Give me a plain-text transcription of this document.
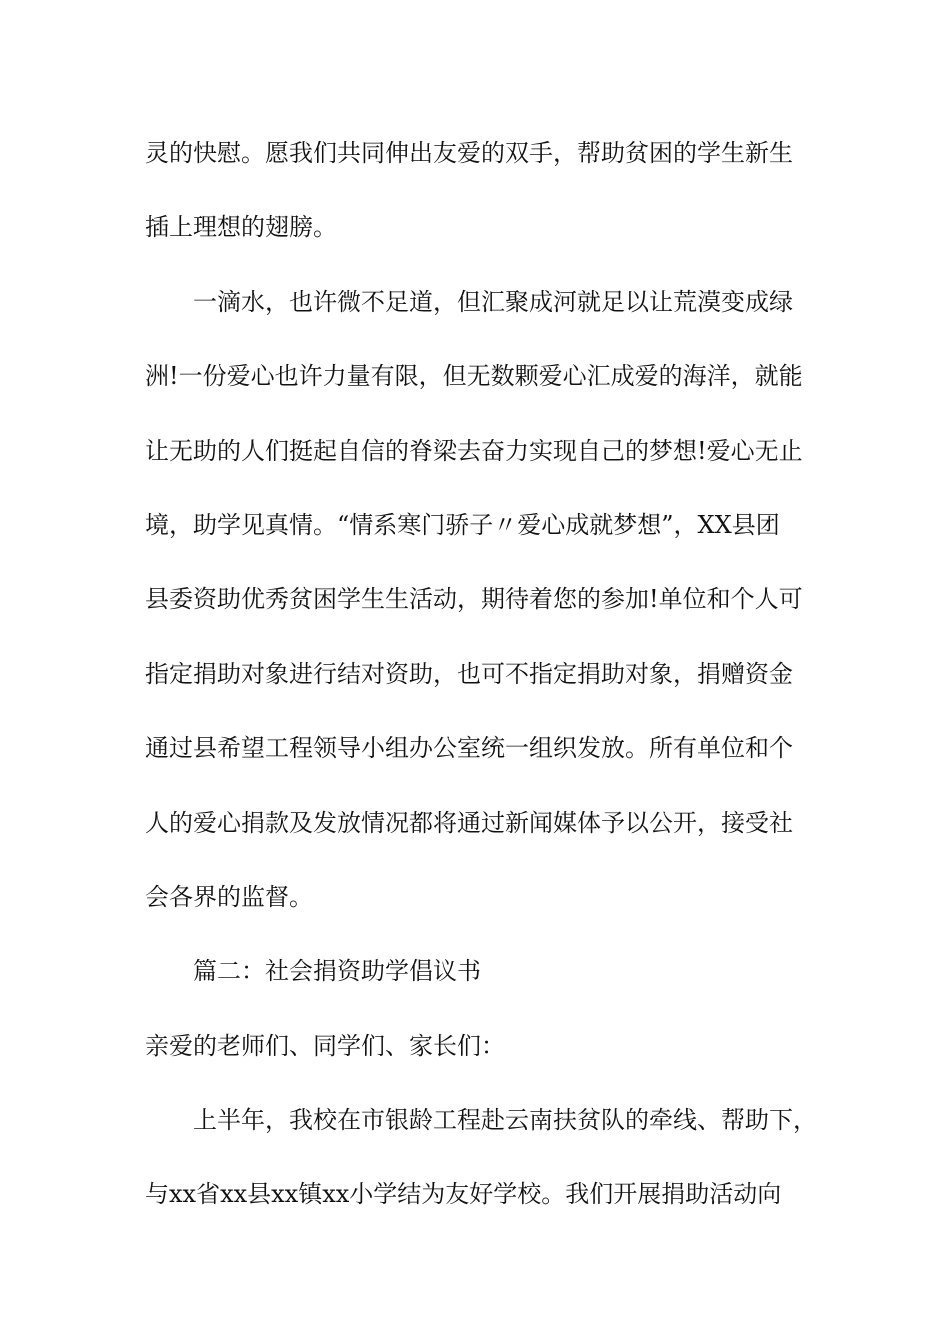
灵的快慰。愿我们共同伸出友爱的双手，帮助贫困的学生新生
插上理想的翅膀。
一滴水，也许微不足道，但汇聚成河就足以让荒漠变成绿
洲!一份爱心也许力量有限，但无数颗爱心汇成爱的海洋，就能
让无助的人们挺起自信的脊梁去奋力实现自己的梦想!爱心无止
境，助学见真情。“情系寒门骄子〃爱心成就梦想”，XX县团
县委资助优秀贫困学生生活动，期待着您的参加!单位和个人可
指定捐助对象进行结对资助，也可不指定捐助对象，捐赠资金
通过县希望工程领导小组办公室统一组织发放。所有单位和个
人的爱心捐款及发放情况都将通过新闻媒体予以公开，接受社
会各界的监督。
篇二：社会捐资助学倡议书
亲爱的老师们、同学们、家长们：
上半年，我校在市银龄工程赴云南扶贫队的牵线、帮助下，
与xx省xx县xx镇xx小学结为友好学校。我们开展捐助活动向
